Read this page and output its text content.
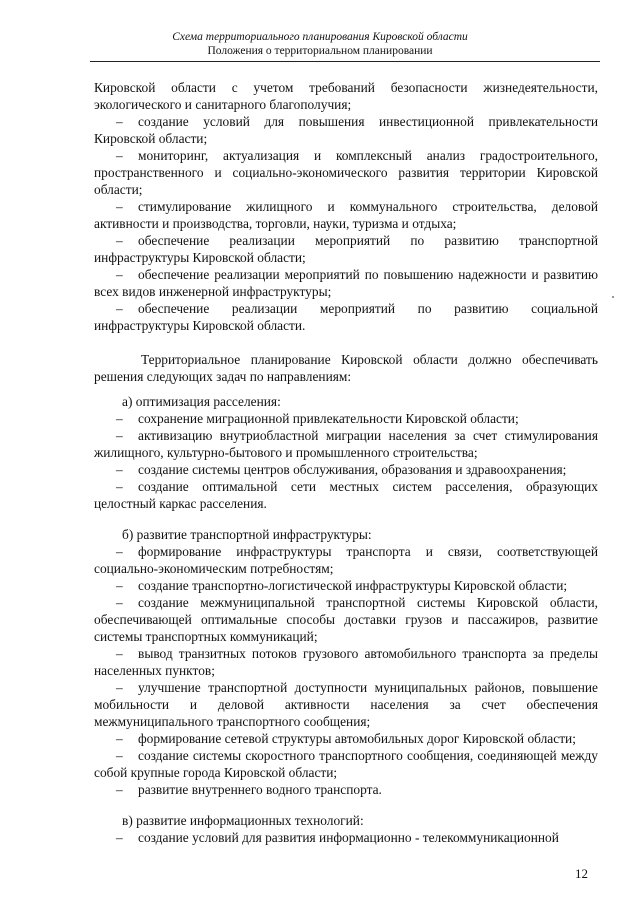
Схема территориального планирования Кировской области
Положения о территориальном планировании

Кировской области с учетом требований безопасности жизнедеятельности, экологического и санитарного благополучия;

– создание условий для повышения инвестиционной привлекательности Кировской области;

– мониторинг, актуализация и комплексный анализ градостроительного, пространственного и социально-экономического развития территории Кировской области;

– стимулирование жилищного и коммунального строительства, деловой активности и производства, торговли, науки, туризма и отдыха;

– обеспечение реализации мероприятий по развитию транспортной инфраструктуры Кировской области;

– обеспечение реализации мероприятий по повышению надежности и развитию всех видов инженерной инфраструктуры;

– обеспечение реализации мероприятий по развитию социальной инфраструктуры Кировской области.

Территориальное планирование Кировской области должно обеспечивать решения следующих задач по направлениям:

а) оптимизация расселения:

– сохранение миграционной привлекательности Кировской области;

– активизацию внутриобластной миграции населения за счет стимулирования жилищного, культурно-бытового и промышленного строительства;

– создание системы центров обслуживания, образования и здравоохранения;

– создание оптимальной сети местных систем расселения, образующих целостный каркас расселения.

б) развитие транспортной инфраструктуры:

– формирование инфраструктуры транспорта и связи, соответствующей социально-экономическим потребностям;

– создание транспортно-логистической инфраструктуры Кировской области;

– создание межмуниципальной транспортной системы Кировской области, обеспечивающей оптимальные способы доставки грузов и пассажиров, развитие системы транспортных коммуникаций;

– вывод транзитных потоков грузового автомобильного транспорта за пределы населенных пунктов;

– улучшение транспортной доступности муниципальных районов, повышение мобильности и деловой активности населения за счет обеспечения межмуниципального транспортного сообщения;

– формирование сетевой структуры автомобильных дорог Кировской области;

– создание системы скоростного транспортного сообщения, соединяющей между собой крупные города Кировской области;

– развитие внутреннего водного транспорта.

в) развитие информационных технологий:

– создание условий для развития информационно - телекоммуникационной

12
